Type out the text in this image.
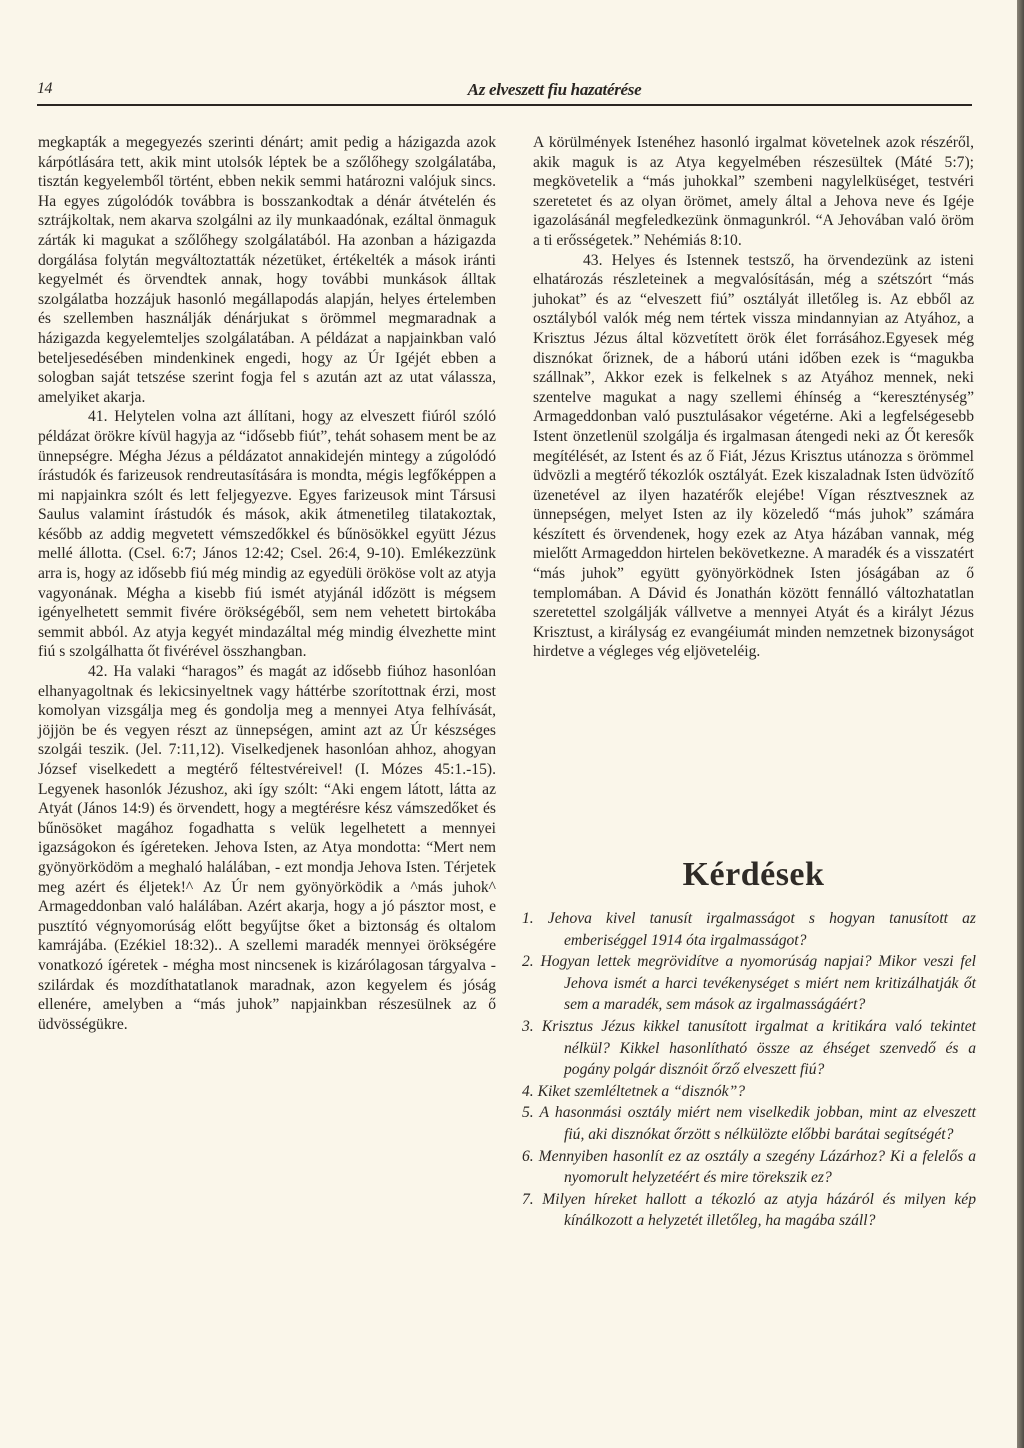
14	Az elveszett fiu hazatérése

megkapták a megegyezés szerinti dénárt; amit pedig a házigazda azok kárpótlására tett, akik mint utolsók léptek be a szőlőhegy szolgálatába, tisztán kegyelemből történt, ebben nekik semmi határozni valójuk sincs. Ha egyes zúgolódók továbbra is bosszankodtak a dénár átvételén és sztrájkoltak, nem akarva szolgálni az ily munkaadónak, ezáltal önmaguk zárták ki magukat a szőlőhegy szolgálatából. Ha azonban a házigazda dorgálása folytán megváltoztatták nézetüket, értékelték a mások iránti kegyelmét és örvendtek annak, hogy további munkások álltak szolgálatba hozzájuk hasonló megállapodás alapján, helyes értelemben és szellemben használják dénárjukat s örömmel megmaradnak a házigazda kegyelemteljes szolgálatában. A példázat a napjainkban való beteljesedésében mindenkinek engedi, hogy az Úr Igéjét ebben a sologban saját tetszése szerint fogja fel s azután azt az utat válassza, amelyiket akarja.

41. Helytelen volna azt állítani, hogy az elveszett fiúról szóló példázat örökre kívül hagyja az “idősebb fiút”, tehát sohasem ment be az ünnepségre. Mégha Jézus a példázatot annakidején mintegy a zúgolódó írástudók és farizeusok rendreutasítására is mondta, mégis legfőképpen a mi napjainkra szólt és lett feljegyezve. Egyes farizeusok mint Társusi Saulus valamint írástudók és mások, akik átmenetileg tilatakoztak, később az addig megvetett vémszedőkkel és bűnösökkel együtt Jézus mellé állotta. (Csel. 6:7; János 12:42; Csel. 26:4, 9-10). Emlékezzünk arra is, hogy az idősebb fiú még mindig az egyedüli örököse volt az atyja vagyonának. Mégha a kisebb fiú ismét atyjánál időzött is mégsem igényelhetett semmit fivére örökségéből, sem nem vehetett birtokába semmit abból. Az atyja kegyét mindazáltal még mindig élvezhette mint fiú s szolgálhatta őt fivérével összhangban.

42. Ha valaki “haragos” és magát az idősebb fiúhoz hasonlóan elhanyagoltnak és lekicsinyeltnek vagy háttérbe szorítottnak érzi, most komolyan vizsgálja meg és gondolja meg a mennyei Atya felhívását, jöjjön be és vegyen részt az ünnepségen, amint azt az Úr készséges szolgái teszik. (Jel. 7:11,12). Viselkedjenek hasonlóan ahhoz, ahogyan József viselkedett a megtérő féltestvéreivel! (I. Mózes 45:1.-15). Legyenek hasonlók Jézushoz, aki így szólt: “Aki engem látott, látta az Atyát (János 14:9) és örvendett, hogy a megtérésre kész vámszedőket és bűnösöket magához fogadhatta s velük legelhetett a mennyei igazságokon és ígéreteken. Jehova Isten, az Atya mondotta: “Mert nem gyönyörködöm a meghaló halálában, - ezt mondja Jehova Isten. Térjetek meg azért és éljetek!^ Az Úr nem gyönyörködik a ^más juhok^ Armageddonban való halálában. Azért akarja, hogy a jó pásztor most, e pusztító végnyomorúság előtt begyűjtse őket a biztonság és oltalom kamrájába. (Ezékiel 18:32).. A szellemi maradék mennyei örökségére vonatkozó ígéretek - mégha most nincsenek is kizárólagosan tárgyalva - szilárdak és mozdíthatatlanok maradnak, azon kegyelem és jóság ellenére, amelyben a “más juhok” napjainkban részesülnek az ő üdvösségükre.

A körülmények Istenéhez hasonló irgalmat követelnek azok részéről, akik maguk is az Atya kegyelmében részesültek (Máté 5:7); megkövetelik a “más juhokkal” szembeni nagylelküséget, testvéri szeretetet és az olyan örömet, amely által a Jehova neve és Igéje igazolásánál megfeledkezünk önmagunkról. “A Jehovában való öröm a ti erősségetek.” Nehémiás 8:10.

43. Helyes és Istennek testsző, ha örvendezünk az isteni elhatározás részleteinek a megvalósításán, még a szétszórt “más juhokat” és az “elveszett fiú” osztályát illetőleg is. Az ebből az osztályból valók még nem tértek vissza mindannyian az Atyához, a Krisztus Jézus által közvetített örök élet forrásához.Egyesek még disznókat őriznek, de a háború utáni időben ezek is “magukba szállnak”, Akkor ezek is felkelnek s az Atyához mennek, neki szentelve magukat a nagy szellemi éhínség a “kereszténység” Armageddonban való pusztulásakor végetérne. Aki a legfelségesebb Istent önzetlenül szolgálja és irgalmasan átengedi neki az Őt keresők megítélését, az Istent és az ő Fiát, Jézus Krisztus utánozza s örömmel üdvözli a megtérő tékozlók osztályát. Ezek kiszaladnak Isten üdvözítő üzenetével az ilyen hazatérők elejébe! Vígan résztvesznek az ünnepségen, melyet Isten az ily közeledő “más juhok” számára készített és örvendenek, hogy ezek az Atya házában vannak, még mielőtt Armageddon hirtelen bekövetkezne. A maradék és a visszatért “más juhok” együtt gyönyörködnek Isten jóságában az ő templomában. A Dávid és Jonathán között fennálló változhatatlan szeretettel szolgálják vállvetve a mennyei Atyát és a királyt Jézus Krisztust, a királyság ez evangéiumát minden nemzetnek bizonyságot hirdetve a végleges vég eljöveteléig.

Kérdések
1. Jehova kivel tanusít irgalmasságot s hogyan tanusított az emberiséggel 1914 óta irgalmasságot?
2. Hogyan lettek megrövidítve a nyomorúság napjai? Mikor veszi fel Jehova ismét a harci tevékenységet s miért nem kritizálhatják őt sem a maradék, sem mások az irgalmasságáért?
3. Krisztus Jézus kikkel tanusított irgalmat a kritikára való tekintet nélkül? Kikkel hasonlítható össze az éhséget szenvedő és a pogány polgár disznóit őrző elveszett fiú?
4. Kiket szemléltetnek a “disznók”?
5. A hasonmási osztály miért nem viselkedik jobban, mint az elveszett fiú, aki disznókat őrzött s nélkülözte előbbi barátai segítségét?
6. Mennyiben hasonlít ez az osztály a szegény Lázárhoz? Ki a felelős a nyomorult helyzetéért és mire törekszik ez?
7. Milyen híreket hallott a tékozló az atyja házáról és milyen kép kínálkozott a helyzetét illetőleg, ha magába száll?
